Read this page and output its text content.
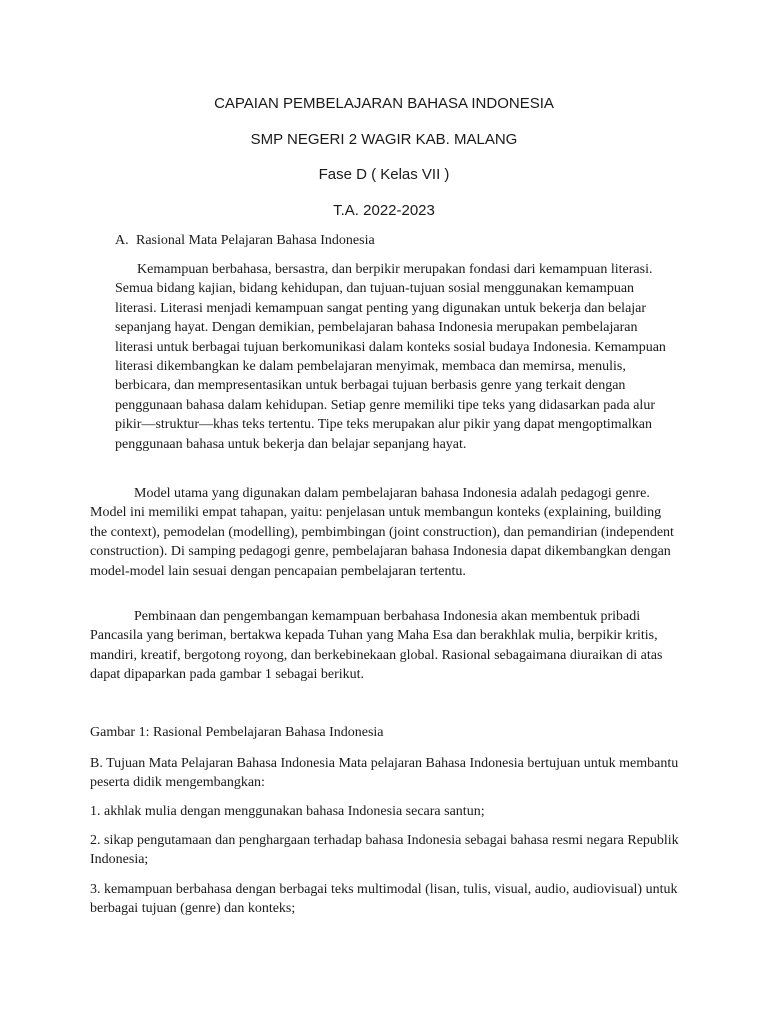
CAPAIAN PEMBELAJARAN BAHASA INDONESIA
SMP NEGERI 2 WAGIR KAB. MALANG
Fase D ( Kelas VII )
T.A. 2022-2023
A. Rasional Mata Pelajaran Bahasa Indonesia

Kemampuan berbahasa, bersastra, dan berpikir merupakan fondasi dari kemampuan literasi. Semua bidang kajian, bidang kehidupan, dan tujuan-tujuan sosial menggunakan kemampuan literasi. Literasi menjadi kemampuan sangat penting yang digunakan untuk bekerja dan belajar sepanjang hayat. Dengan demikian, pembelajaran bahasa Indonesia merupakan pembelajaran literasi untuk berbagai tujuan berkomunikasi dalam konteks sosial budaya Indonesia. Kemampuan literasi dikembangkan ke dalam pembelajaran menyimak, membaca dan memirsa, menulis, berbicara, dan mempresentasikan untuk berbagai tujuan berbasis genre yang terkait dengan penggunaan bahasa dalam kehidupan. Setiap genre memiliki tipe teks yang didasarkan pada alur pikir—struktur—khas teks tertentu. Tipe teks merupakan alur pikir yang dapat mengoptimalkan penggunaan bahasa untuk bekerja dan belajar sepanjang hayat.

Model utama yang digunakan dalam pembelajaran bahasa Indonesia adalah pedagogi genre. Model ini memiliki empat tahapan, yaitu: penjelasan untuk membangun konteks (explaining, building the context), pemodelan (modelling), pembimbingan (joint construction), dan pemandirian (independent construction). Di samping pedagogi genre, pembelajaran bahasa Indonesia dapat dikembangkan dengan model-model lain sesuai dengan pencapaian pembelajaran tertentu.

Pembinaan dan pengembangan kemampuan berbahasa Indonesia akan membentuk pribadi Pancasila yang beriman, bertakwa kepada Tuhan yang Maha Esa dan berakhlak mulia, berpikir kritis, mandiri, kreatif, bergotong royong, dan berkebinekaan global. Rasional sebagaimana diuraikan di atas dapat dipaparkan pada gambar 1 sebagai berikut.

Gambar 1: Rasional Pembelajaran Bahasa Indonesia

B. Tujuan Mata Pelajaran Bahasa Indonesia Mata pelajaran Bahasa Indonesia bertujuan untuk membantu peserta didik mengembangkan:

1. akhlak mulia dengan menggunakan bahasa Indonesia secara santun;

2. sikap pengutamaan dan penghargaan terhadap bahasa Indonesia sebagai bahasa resmi negara Republik Indonesia;

3. kemampuan berbahasa dengan berbagai teks multimodal (lisan, tulis, visual, audio, audiovisual) untuk berbagai tujuan (genre) dan konteks;
